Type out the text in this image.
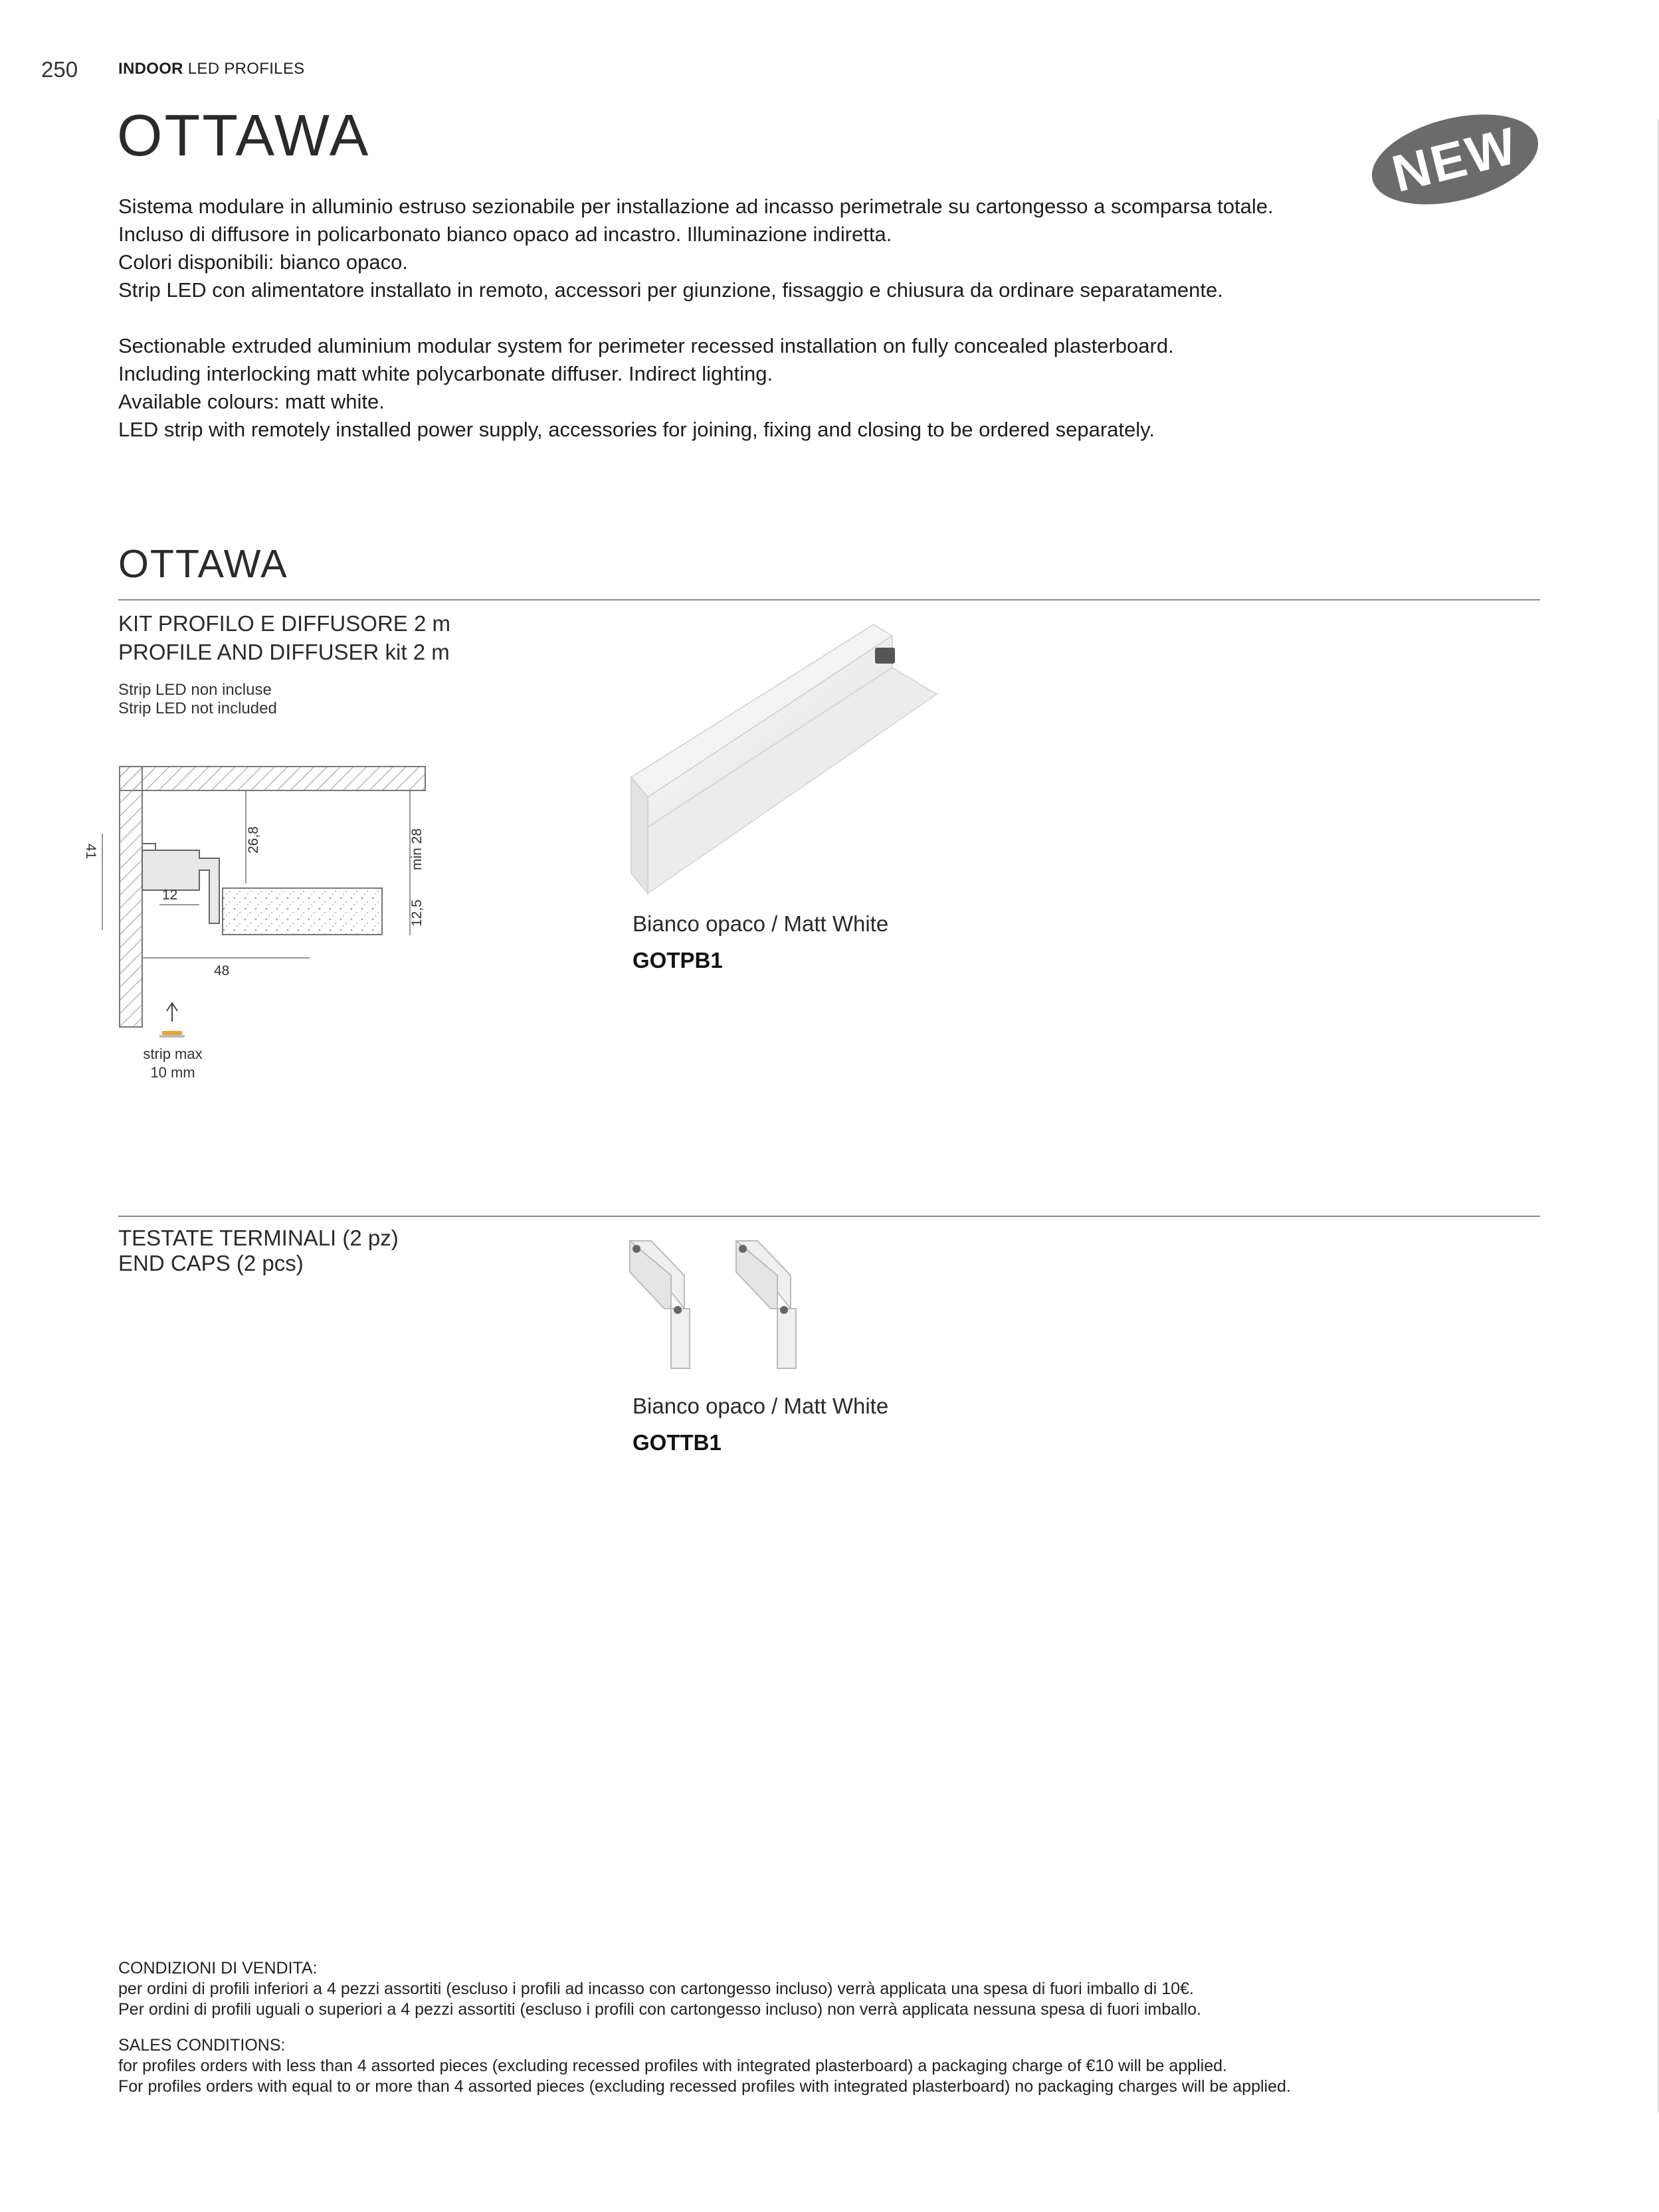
250	INDOOR LED PROFILES
OTTAWA	NEW

Sistema modulare in alluminio estruso sezionabile per installazione ad incasso perimetrale su cartongesso a scomparsa totale.

Incluso di diffusore in policarbonato bianco opaco ad incastro. Illuminazione indiretta.

Colori disponibili: bianco opaco.

Strip LED con alimentatore installato in remoto, accessori per giunzione, fissaggio e chiusura da ordinare separatamente.

Sectionable extruded aluminium modular system for perimeter recessed installation on fully concealed plasterboard.

Including interlocking matt white polycarbonate diffuser. Indirect lighting.

Available colours: matt white.

LED strip with remotely installed power supply, accessories for joining, fixing and closing to be ordered separately.

OTTAWA
KIT PROFILO E DIFFUSORE 2 m
PROFILE AND DIFFUSER kit 2 m
Strip LED non incluse
Strip LED not included
41	26,8	min 28
12,5
12
48
strip max
10 mm
Bianco opaco / Matt White
GOTPB1
TESTATE TERMINALI (2 pz)
END CAPS (2 pcs)
Bianco opaco / Matt White
GOTTB1

CONDIZIONI DI VENDITA:

per ordini di profili inferiori a 4 pezzi assortiti (escluso i profili ad incasso con cartongesso incluso) verrà applicata una spesa di fuori imballo di 10€.

Per ordini di profili uguali o superiori a 4 pezzi assortiti (escluso i profili con cartongesso incluso) non verrà applicata nessuna spesa di fuori imballo.

SALES CONDITIONS:

for profiles orders with less than 4 assorted pieces (excluding recessed profiles with integrated plasterboard) a packaging charge of €10 will be applied.

For profiles orders with equal to or more than 4 assorted pieces (excluding recessed profiles with integrated plasterboard) no packaging charges will be applied.
